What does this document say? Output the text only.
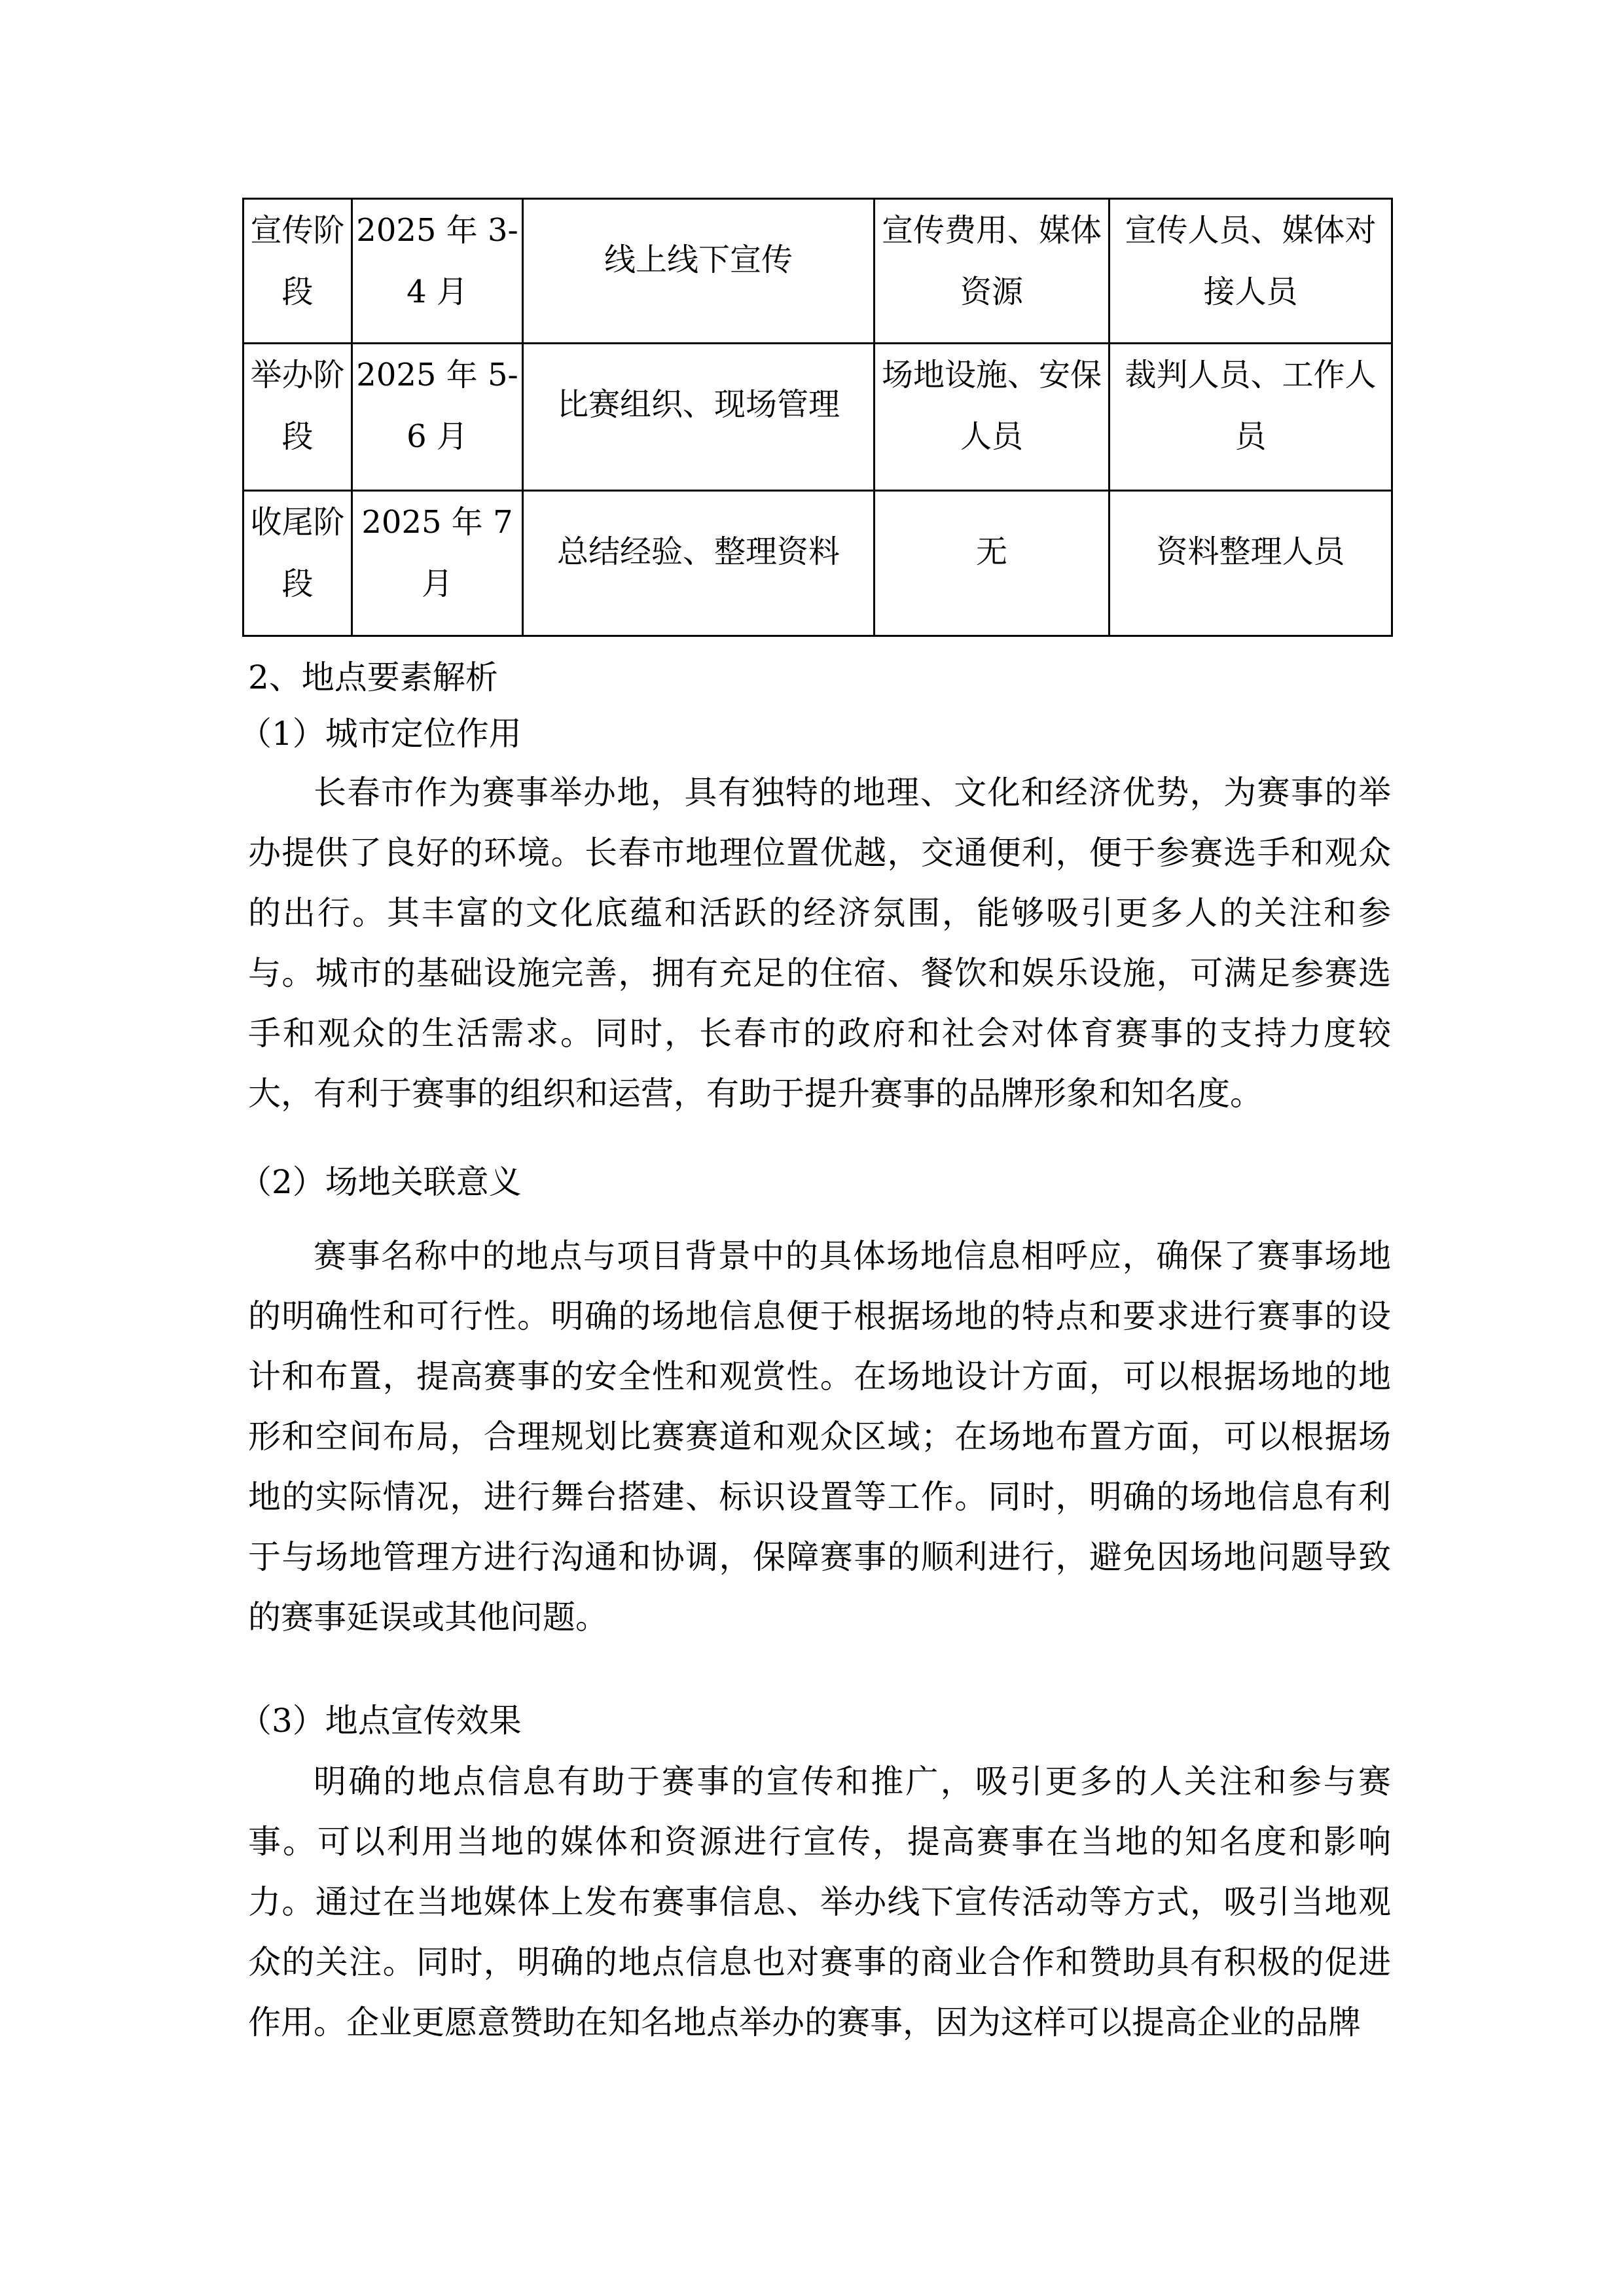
宣传阶段	2025 年 3-4 月	线上线下宣传	宣传费用、媒体资源	宣传人员、媒体对接人员
举办阶段	2025 年 5-6 月	比赛组织、现场管理	场地设施、安保人员	裁判人员、工作人员
收尾阶段	2025 年 7 月	总结经验、整理资料	无	资料整理人员
2、地点要素解析
（1）城市定位作用
长春市作为赛事举办地，具有独特的地理、文化和经济优势，为赛事的举办提供了良好的环境。长春市地理位置优越，交通便利，便于参赛选手和观众的出行。其丰富的文化底蕴和活跃的经济氛围，能够吸引更多人的关注和参与。城市的基础设施完善，拥有充足的住宿、餐饮和娱乐设施，可满足参赛选手和观众的生活需求。同时，长春市的政府和社会对体育赛事的支持力度较大，有利于赛事的组织和运营，有助于提升赛事的品牌形象和知名度。
（2）场地关联意义
赛事名称中的地点与项目背景中的具体场地信息相呼应，确保了赛事场地的明确性和可行性。明确的场地信息便于根据场地的特点和要求进行赛事的设计和布置，提高赛事的安全性和观赏性。在场地设计方面，可以根据场地的地形和空间布局，合理规划比赛赛道和观众区域；在场地布置方面，可以根据场地的实际情况，进行舞台搭建、标识设置等工作。同时，明确的场地信息有利于与场地管理方进行沟通和协调，保障赛事的顺利进行，避免因场地问题导致的赛事延误或其他问题。
（3）地点宣传效果
明确的地点信息有助于赛事的宣传和推广，吸引更多的人关注和参与赛事。可以利用当地的媒体和资源进行宣传，提高赛事在当地的知名度和影响力。通过在当地媒体上发布赛事信息、举办线下宣传活动等方式，吸引当地观众的关注。同时，明确的地点信息也对赛事的商业合作和赞助具有积极的促进作用。企业更愿意赞助在知名地点举办的赛事，因为这样可以提高企业的品牌
